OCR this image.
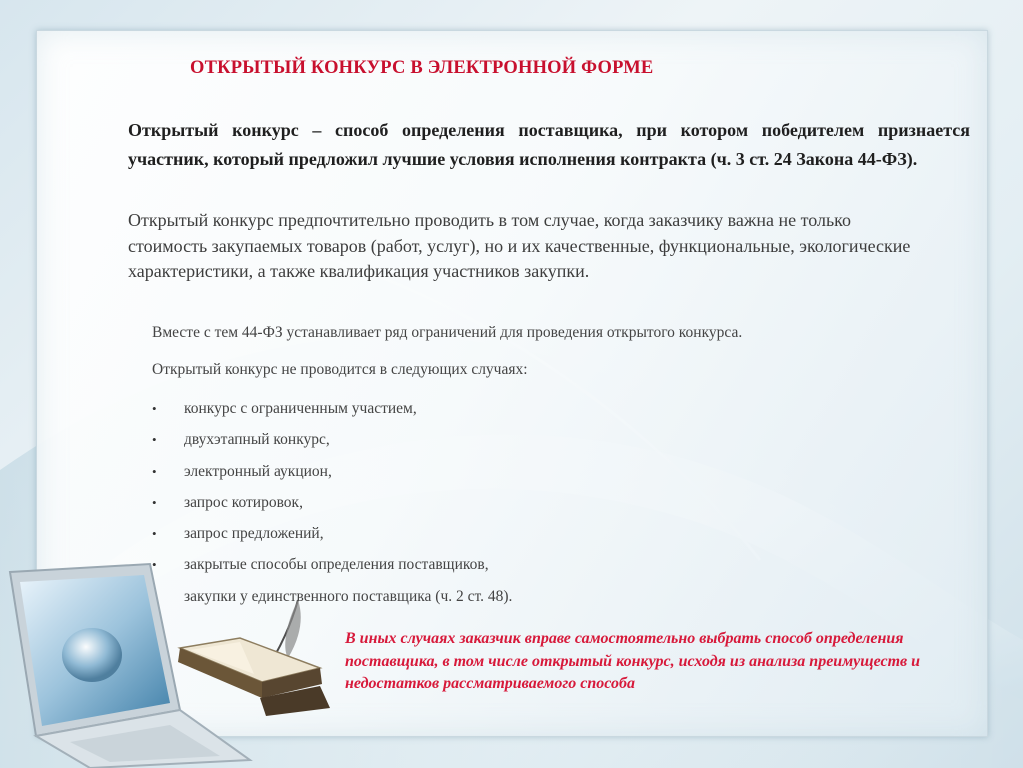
ОТКРЫТЫЙ КОНКУРС В ЭЛЕКТРОННОЙ ФОРМЕ
Открытый конкурс – способ определения поставщика, при котором победителем признается участник, который предложил лучшие условия исполнения контракта (ч. 3 ст. 24 Закона 44-ФЗ).
Открытый конкурс предпочтительно проводить в том случае, когда заказчику важна не только стоимость закупаемых товаров (работ, услуг), но и их качественные, функциональные, экологические характеристики, а также квалификация участников закупки.
Вместе с тем 44-ФЗ устанавливает ряд ограничений для проведения открытого конкурса.
Открытый конкурс не проводится в следующих случаях:
• конкурс с ограниченным участием,
• двухэтапный конкурс,
• электронный аукцион,
• запрос котировок,
• запрос предложений,
• закрытые способы определения поставщиков,
закупки у единственного поставщика (ч. 2 ст. 48).
В иных случаях заказчик вправе самостоятельно выбрать способ определения поставщика, в том числе открытый конкурс, исходя из анализа преимуществ и недостатков рассматриваемого способа
